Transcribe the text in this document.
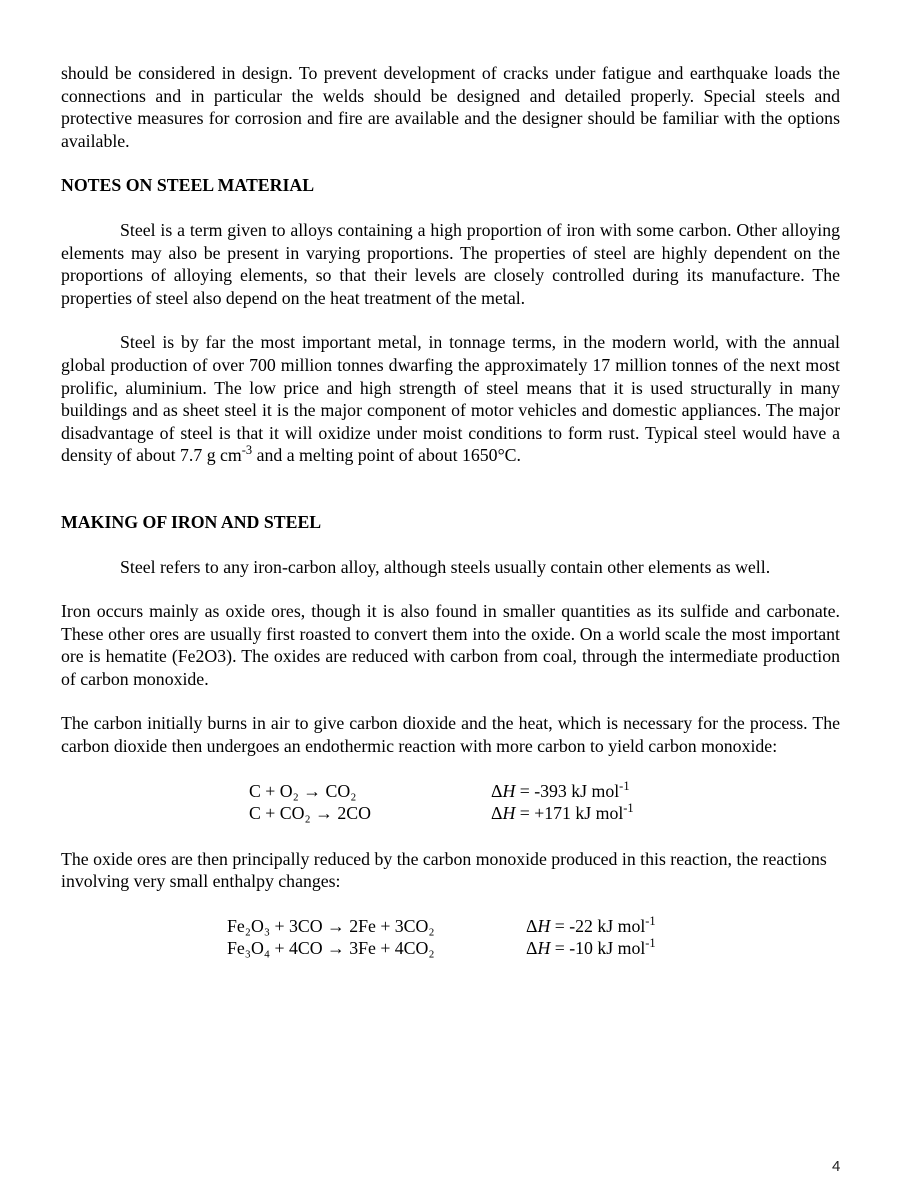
should be considered in design. To prevent development of cracks under fatigue and earthquake loads the connections and in particular the welds should be designed and detailed properly. Special steels and protective measures for corrosion and fire are available and the designer should be familiar with the options available.

NOTES ON STEEL MATERIAL

Steel is a term given to alloys containing a high proportion of iron with some carbon. Other alloying elements may also be present in varying proportions. The properties of steel are highly dependent on the proportions of alloying elements, so that their levels are closely controlled during its manufacture. The properties of steel also depend on the heat treatment of the metal.

Steel is by far the most important metal, in tonnage terms, in the modern world, with the annual global production of over 700 million tonnes dwarfing the approximately 17 million tonnes of the next most prolific, aluminium. The low price and high strength of steel means that it is used structurally in many buildings and as sheet steel it is the major component of motor vehicles and domestic appliances. The major disadvantage of steel is that it will oxidize under moist conditions to form rust. Typical steel would have a density of about 7.7 g $cm^{-3}$ and a melting point of about 1650°C.

MAKING OF IRON AND STEEL

Steel refers to any iron-carbon alloy, although steels usually contain other elements as well.

Iron occurs mainly as oxide ores, though it is also found in smaller quantities as its sulfide and carbonate. These other ores are usually first roasted to convert them into the oxide. On a world scale the most important ore is hematite (Fe2O3). The oxides are reduced with carbon from coal, through the intermediate production of carbon monoxide.

The carbon initially burns in air to give carbon dioxide and the heat, which is necessary for the process. The carbon dioxide then undergoes an endothermic reaction with more carbon to yield carbon monoxide:

C + O₂ → CO₂	ΔH = -393 kJ mol$^{-1}$
C + CO₂ → 2CO	ΔH = +171 kJ mol$^{-1}$

The oxide ores are then principally reduced by the carbon monoxide produced in this reaction, the reactions involving very small enthalpy changes:

Fe₂O₃ + 3CO → 2Fe + 3CO₂	ΔH = -22 kJ mol$^{-1}$
Fe₃O₄ + 4CO → 3Fe + 4CO₂	ΔH = -10 kJ mol$^{-1}$
4
